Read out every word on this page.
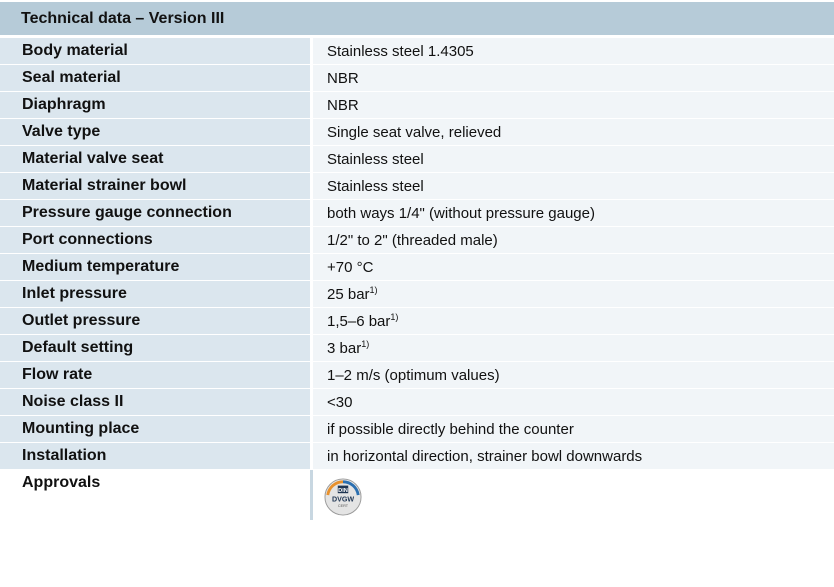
Technical data – Version III
Body material	Stainless steel 1.4305
Seal material	NBR
Diaphragm	NBR
Valve type	Single seat valve, relieved
Material valve seat	Stainless steel
Material strainer bowl	Stainless steel
Pressure gauge connection	both ways 1/4" (without pressure gauge)
Port connections	1/2" to 2" (threaded male)
Medium temperature	+70 °C
Inlet pressure	25 bar$^{1)}$
Outlet pressure	1,5–6 bar$^{1)}$
Default setting	3 bar$^{1)}$
Flow rate	1–2 m/s (optimum values)
Noise class II	<30
Mounting place	if possible directly behind the counter
Installation	in horizontal direction, strainer bowl downwards
Approvals	DIN
DVGW
CERT
